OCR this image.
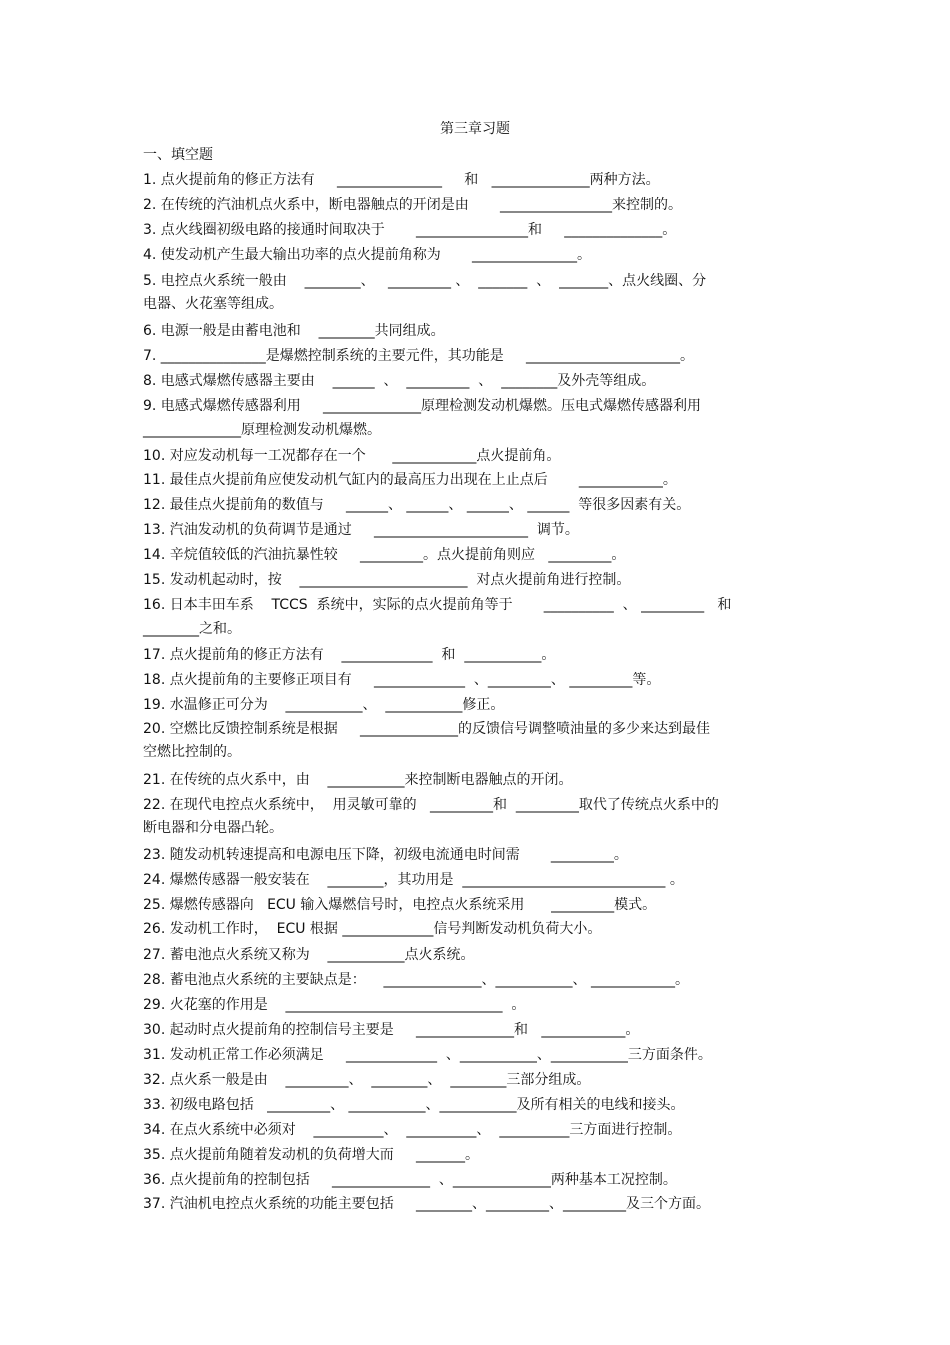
第三章习题
一、填空题
1. 点火提前角的修正方法有     _______________     和   ______________两种方法。
2. 在传统的汽油机点火系中，断电器触点的开闭是由       ________________来控制的。
3. 点火线圈初级电路的接通时间取决于       ________________和     ______________。
4. 使发动机产生最大输出功率的点火提前角称为       _______________。
5. 电控点火系统一般由    ________、   _________ 、  _______  、  _______、点火线圈、分
电器、火花塞等组成。
6. 电源一般是由蓄电池和    ________共同组成。
7. _______________是爆燃控制系统的主要元件，其功能是     ______________________。
8. 电感式爆燃传感器主要由    ______  、  _________  、  ________及外壳等组成。
9. 电感式爆燃传感器利用     ______________原理检测发动机爆燃。压电式爆燃传感器利用
______________原理检测发动机爆燃。
10. 对应发动机每一工况都存在一个      ____________点火提前角。
11. 最佳点火提前角应使发动机气缸内的最高压力出现在上止点后       ____________。
12. 最佳点火提前角的数值与     ______、 ______、 ______、 ______  等很多因素有关。
13. 汽油发动机的负荷调节是通过     ______________________  调节。
14. 辛烷值较低的汽油抗暴性较     _________。点火提前角则应   _________。
15. 发动机起动时，按    ________________________  对点火提前角进行控制。
16. 日本丰田车系    TCCS  系统中，实际的点火提前角等于       __________  、 _________   和
________之和。
17. 点火提前角的修正方法有    _____________  和  ___________。
18. 点火提前角的主要修正项目有     _____________  、_________、 _________等。
19. 水温修正可分为    ___________、  ___________修正。
20. 空燃比反馈控制系统是根据     ______________的反馈信号调整喷油量的多少来达到最佳
空燃比控制的。
21. 在传统的点火系中，由    ___________来控制断电器触点的开闭。
22. 在现代电控点火系统中，  用灵敏可靠的   _________和  _________取代了传统点火系中的
断电器和分电器凸轮。
23. 随发动机转速提高和电源电压下降，初级电流通电时间需       _________。
24. 爆燃传感器一般安装在    ________，其功用是  _____________________________ 。
25. 爆燃传感器向   ECU 输入爆燃信号时，电控点火系统采用      _________模式。
26. 发动机工作时，  ECU 根据 _____________信号判断发动机负荷大小。
27. 蓄电池点火系统又称为    ___________点火系统。
28. 蓄电池点火系统的主要缺点是：    ______________、___________、 ____________。
29. 火花塞的作用是    _______________________________  。
30. 起动时点火提前角的控制信号主要是     ______________和   ____________。
31. 发动机正常工作必须满足     _____________  、___________、___________三方面条件。
32. 点火系一般是由    _________、  ________、  ________三部分组成。
33. 初级电路包括   _________、 ___________、___________及所有相关的电线和接头。
34. 在点火系统中必须对    __________、  __________、  __________三方面进行控制。
35. 点火提前角随着发动机的负荷增大而     _______。
36. 点火提前角的控制包括     ______________  、______________两种基本工况控制。
37. 汽油机电控点火系统的功能主要包括     ________、_________、_________及三个方面。
